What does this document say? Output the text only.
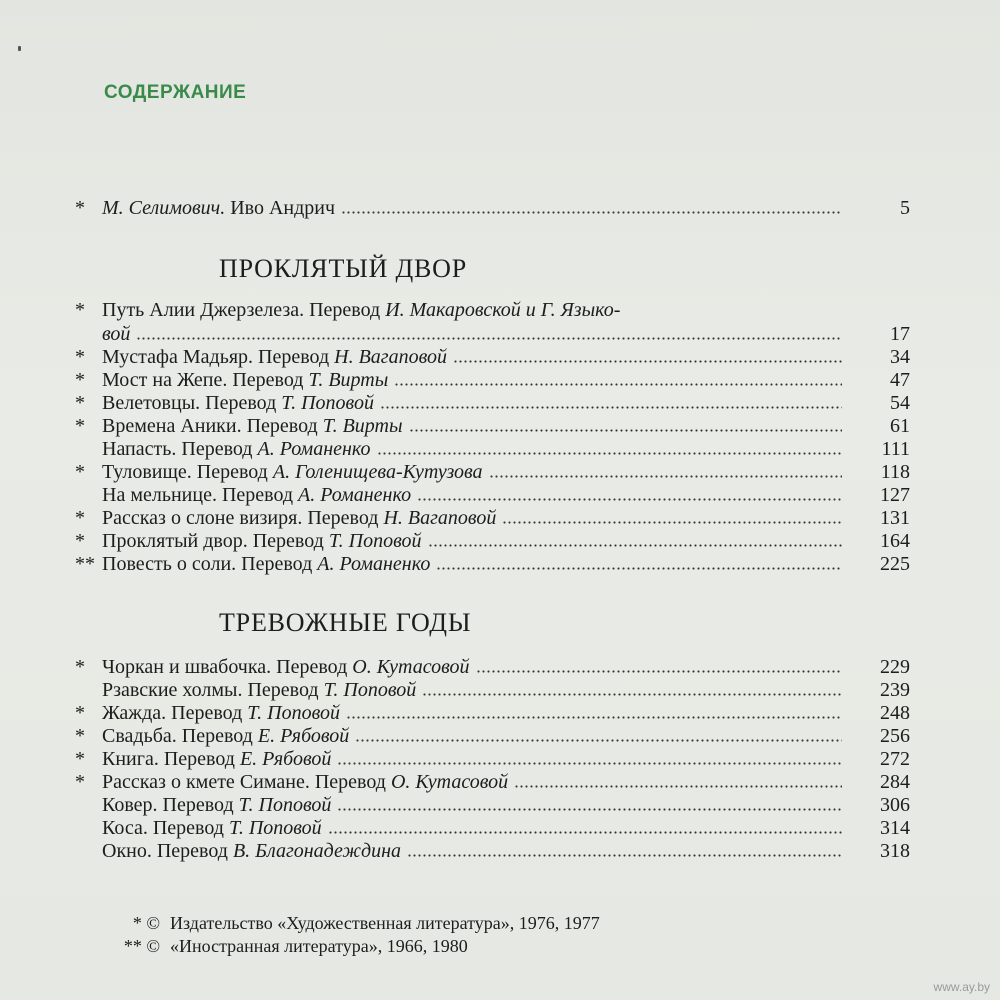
СОДЕРЖАНИЕ
* М. Селимович. Иво Андрич	5
ПРОКЛЯТЫЙ ДВОР
* Путь Алии Джерзелеза. Перевод И. Макаровской и Г. Языко-
вой	17
* Мустафа Мадьяр. Перевод Н. Вагаповой	34
* Мост на Жепе. Перевод Т. Вирты	47
* Велетовцы. Перевод Т. Поповой	54
* Времена Аники. Перевод Т. Вирты	61
Напасть. Перевод А. Романенко	111
* Туловище. Перевод А. Голенищева-Кутузова	118
На мельнице. Перевод А. Романенко	127
* Рассказ о слоне визиря. Перевод Н. Вагаповой	131
* Проклятый двор. Перевод Т. Поповой	164
** Повесть о соли. Перевод А. Романенко	225
ТРЕВОЖНЫЕ ГОДЫ
* Чоркан и швабочка. Перевод О. Кутасовой	229
Рзавские холмы. Перевод Т. Поповой	239
* Жажда. Перевод Т. Поповой	248
* Свадьба. Перевод Е. Рябовой	256
* Книга. Перевод Е. Рябовой	272
* Рассказ о кмете Симане. Перевод О. Кутасовой	284
Ковер. Перевод Т. Поповой	306
Коса. Перевод Т. Поповой	314
Окно. Перевод В. Благонадеждина	318
* © Издательство «Художественная литература», 1976, 1977
** © «Иностранная литература», 1966, 1980
www.ay.by
